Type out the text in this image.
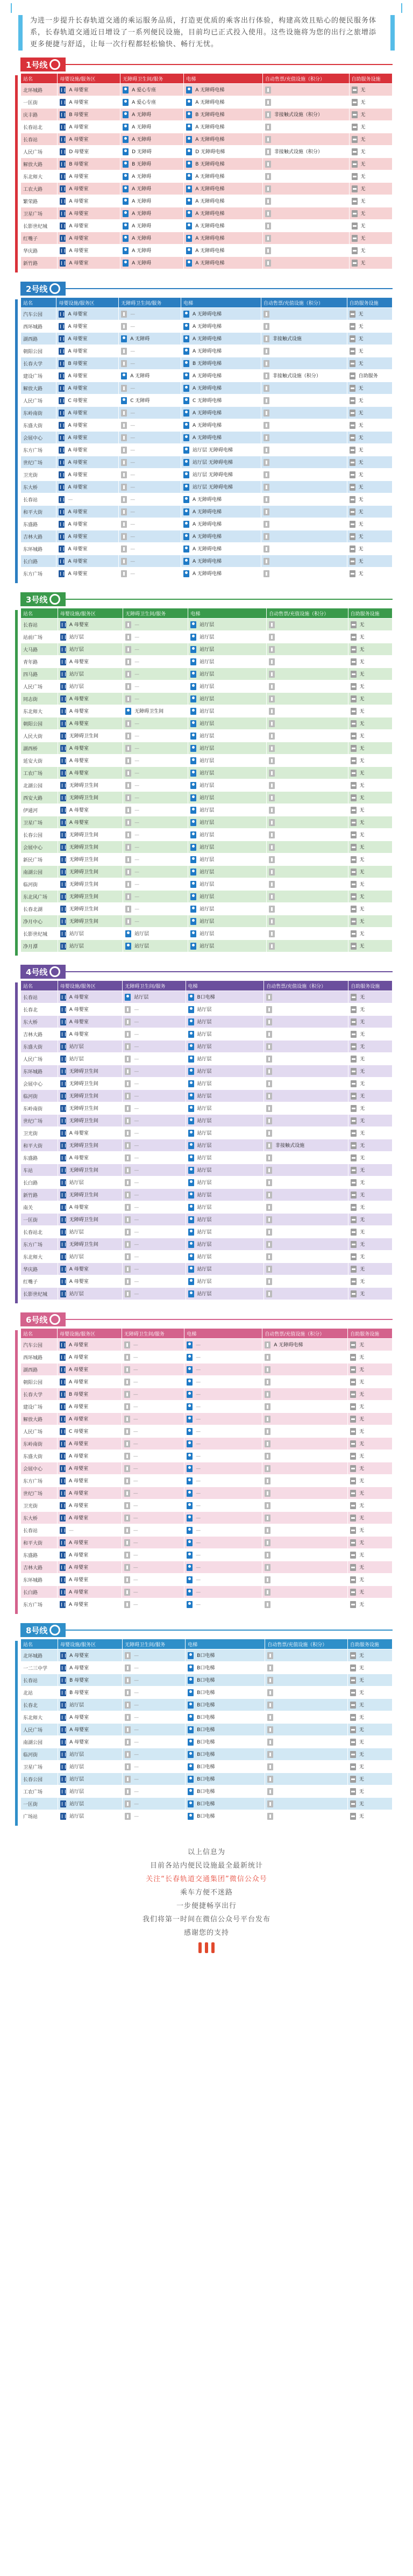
为进一步提升长春轨道交通的乘运服务品质，打造更优质的乘客出行体验，构建高效且贴心的便民服务体系，长春轨道交通近日增设了一系列便民设施，目前均已正式投入使用。这些设施将为您的出行之旅增添更多便捷与舒适，让每一次行程都轻松愉快、畅行无忧。

1号线
站名	母婴设施/服务区	无障碍卫生间/服务	电梯	自动售票/充值设施（积分）	自助服务设施
北环城路	A 母婴室	A 爱心专座	A 无障碍电梯		无
一匡街	A 母婴室	A 爱心专座	A 无障碍电梯		无
庆丰路	B 母婴室	A 无障碍	B 无障碍电梯	非接触式设施（积分）	无
长春站北	A 母婴室	A 无障碍	A 无障碍电梯		无
长春站	A 母婴室	A 无障碍	A 无障碍电梯		无
人民广场	D 母婴室	D 无障碍	D 无障碍电梯	非接触式设施（积分）	无
解放大路	B 母婴室	B 无障碍	B 无障碍电梯		无
东北师大	A 母婴室	A 无障碍	A 无障碍电梯		无
工农大路	A 母婴室	A 无障碍	A 无障碍电梯		无
繁荣路	A 母婴室	A 无障碍	A 无障碍电梯		无
卫星广场	A 母婴室	A 无障碍	A 无障碍电梯		无
长影世纪城	A 母婴室	A 无障碍	A 无障碍电梯		无
红嘴子	A 母婴室	A 无障碍	A 无障碍电梯		无
华庆路	A 母婴室	A 无障碍	A 无障碍电梯		无
新竹路	A 母婴室	A 无障碍	A 无障碍电梯		无
2号线
站名	母婴设施/服务区	无障碍卫生间/服务	电梯	自动售票/充值设施（积分）	自助服务设施
汽车公园	A 母婴室	—	A 无障碍电梯		无
西环城路	A 母婴室	—	A 无障碍电梯		无
湖西路	A 母婴室	A 无障碍	A 无障碍电梯	非接触式设施	无
朝阳公园	A 母婴室	—	A 无障碍电梯		无
长春大学	B 母婴室	—	B 无障碍电梯		无
建设广场	A 母婴室	A 无障碍	A 无障碍电梯	非接触式设施（积分）	自助服务
解放大路	A 母婴室	—	A 无障碍电梯		无
人民广场	C 母婴室	C 无障碍	C 无障碍电梯		无
东岭南街	A 母婴室	—	A 无障碍电梯		无
东盛大街	A 母婴室	—	A 无障碍电梯		无
会展中心	A 母婴室	—	A 无障碍电梯		无
东方广场	A 母婴室	—	站厅层 无障碍电梯		无
世纪广场	A 母婴室	—	站厅层 无障碍电梯		无
卫光街	A 母婴室	—	站厅层 无障碍电梯		无
东大桥	A 母婴室	—	站厅层 无障碍电梯		无
长春站	—	—	A 无障碍电梯		无
和平大街	A 母婴室	—	A 无障碍电梯		无
东盛路	A 母婴室	—	A 无障碍电梯		无
吉林大路	A 母婴室	—	A 无障碍电梯		无
东环城路	A 母婴室	—	A 无障碍电梯		无
长白路	A 母婴室	—	A 无障碍电梯		无
东方广场	A 母婴室	—	A 无障碍电梯		无
3号线
站名	母婴设施/服务区	无障碍卫生间/服务	电梯	自动售票/充值设施（积分）	自助服务设施
长春站	A 母婴室	—	站厅层		无
站前广场	站厅层	—	站厅层		无
大马路	站厅层	—	站厅层		无
青年路	A 母婴室	—	站厅层		无
四马路	站厅层	—	站厅层		无
人民广场	站厅层	—	站厅层		无
同志街	A 母婴室	—	站厅层		无
东北师大	A 母婴室	无障碍卫生间	站厅层		无
朝阳公园	A 母婴室	—	站厅层		无
人民大街	无障碍卫生间	—	站厅层		无
湖西桥	A 母婴室	—	站厅层		无
延安大街	A 母婴室	—	站厅层		无
工农广场	A 母婴室	—	站厅层		无
北湖公园	无障碍卫生间	—	站厅层		无
西安大路	无障碍卫生间	—	站厅层		无
伊通河	A 母婴室	—	站厅层		无
卫星广场	A 母婴室	—	站厅层		无
长春公园	无障碍卫生间	—	站厅层		无
会展中心	无障碍卫生间	—	站厅层		无
新民广场	无障碍卫生间	—	站厅层		无
南湖公园	无障碍卫生间	—	站厅层		无
临河街	无障碍卫生间	—	站厅层		无
东北风广场	无障碍卫生间	—	站厅层		无
长春北湖	无障碍卫生间	—	站厅层		无
净月中心	无障碍卫生间	—	站厅层		无
长影世纪城	站厅层	站厅层	站厅层		无
净月潭	站厅层	站厅层	站厅层		无
4号线
站名	母婴设施/服务区	无障碍卫生间/服务	电梯	自动售票/充值设施（积分）	自助服务设施
长春站	A 母婴室	站厅层	B口电梯		无
长春北	A 母婴室	—	站厅层		无
东大桥	A 母婴室	—	站厅层		无
吉林大路	A 母婴室	—	站厅层		无
东盛大街	站厅层	—	站厅层		无
人民广场	站厅层	—	站厅层		无
东环城路	无障碍卫生间	—	站厅层		无
会展中心	无障碍卫生间	—	站厅层		无
临河街	无障碍卫生间	—	站厅层		无
东岭南街	无障碍卫生间	—	站厅层		无
世纪广场	无障碍卫生间	—	站厅层		无
卫光街	A 母婴室	—	站厅层		无
和平大街	无障碍卫生间	—	站厅层	非接触式设施	无
东盛路	A 母婴室	—	站厅层		无
车站	无障碍卫生间	—	站厅层		无
长白路	站厅层	—	站厅层		无
新竹路	无障碍卫生间	—	站厅层		无
南关	A 母婴室	—	站厅层		无
一匡街	无障碍卫生间	—	站厅层		无
长春站北	站厅层	—	站厅层		无
东方广场	无障碍卫生间	—	站厅层		无
东北师大	站厅层	—	站厅层		无
华庆路	A 母婴室	—	站厅层		无
红嘴子	A 母婴室	—	站厅层		无
长影世纪城	站厅层	—	站厅层		无
6号线
站名	母婴设施/服务区	无障碍卫生间/服务	电梯	自动售票/充值设施（积分）	自助服务设施
汽车公园	A 母婴室	—	—	A 无障碍电梯	无
西环城路	A 母婴室	—	—		无
湖西路	A 母婴室	—	—		无
朝阳公园	A 母婴室	—	—		无
长春大学	B 母婴室	—	—		无
建设广场	A 母婴室	—	—		无
解放大路	A 母婴室	—	—		无
人民广场	C 母婴室	—	—		无
东岭南街	A 母婴室	—	—		无
东盛大街	A 母婴室	—	—		无
会展中心	A 母婴室	—	—		无
东方广场	A 母婴室	—	—		无
世纪广场	A 母婴室	—	—		无
卫光街	A 母婴室	—	—		无
东大桥	A 母婴室	—	—		无
长春站	—	—	—		无
和平大街	A 母婴室	—	—		无
东盛路	A 母婴室	—	—		无
吉林大路	A 母婴室	—	—		无
东环城路	A 母婴室	—	—		无
长白路	A 母婴室	—	—		无
东方广场	A 母婴室	—	—		无
8号线
站名	母婴设施/服务区	无障碍卫生间/服务	电梯	自动售票/充值设施（积分）	自助服务设施
北环城路	A 母婴室	—	B口电梯		无
一二三中学	A 母婴室	—	B口电梯		无
长春站	B 母婴室	—	B口电梯		无
北站	B 母婴室	—	B口电梯		无
长春北	站厅层	—	B口电梯		无
东北师大	A 母婴室	—	B口电梯		无
人民广场	A 母婴室	—	B口电梯		无
南湖公园	A 母婴室	—	B口电梯		无
临河街	站厅层	—	B口电梯		无
卫星广场	站厅层	—	B口电梯		无
长春公园	站厅层	—	B口电梯		无
工农广场	站厅层	—	B口电梯		无
一匡街	站厅层	—	B口电梯		无
广场站	站厅层	—	B口电梯		无

以上信息为

目前各站内便民设施最全最新统计

关注“长春轨道交通集团”微信公众号

乘车方便不迷路

一步便捷畅享出行

我们将第一时间在微信公众号平台发布

感谢您的支持
